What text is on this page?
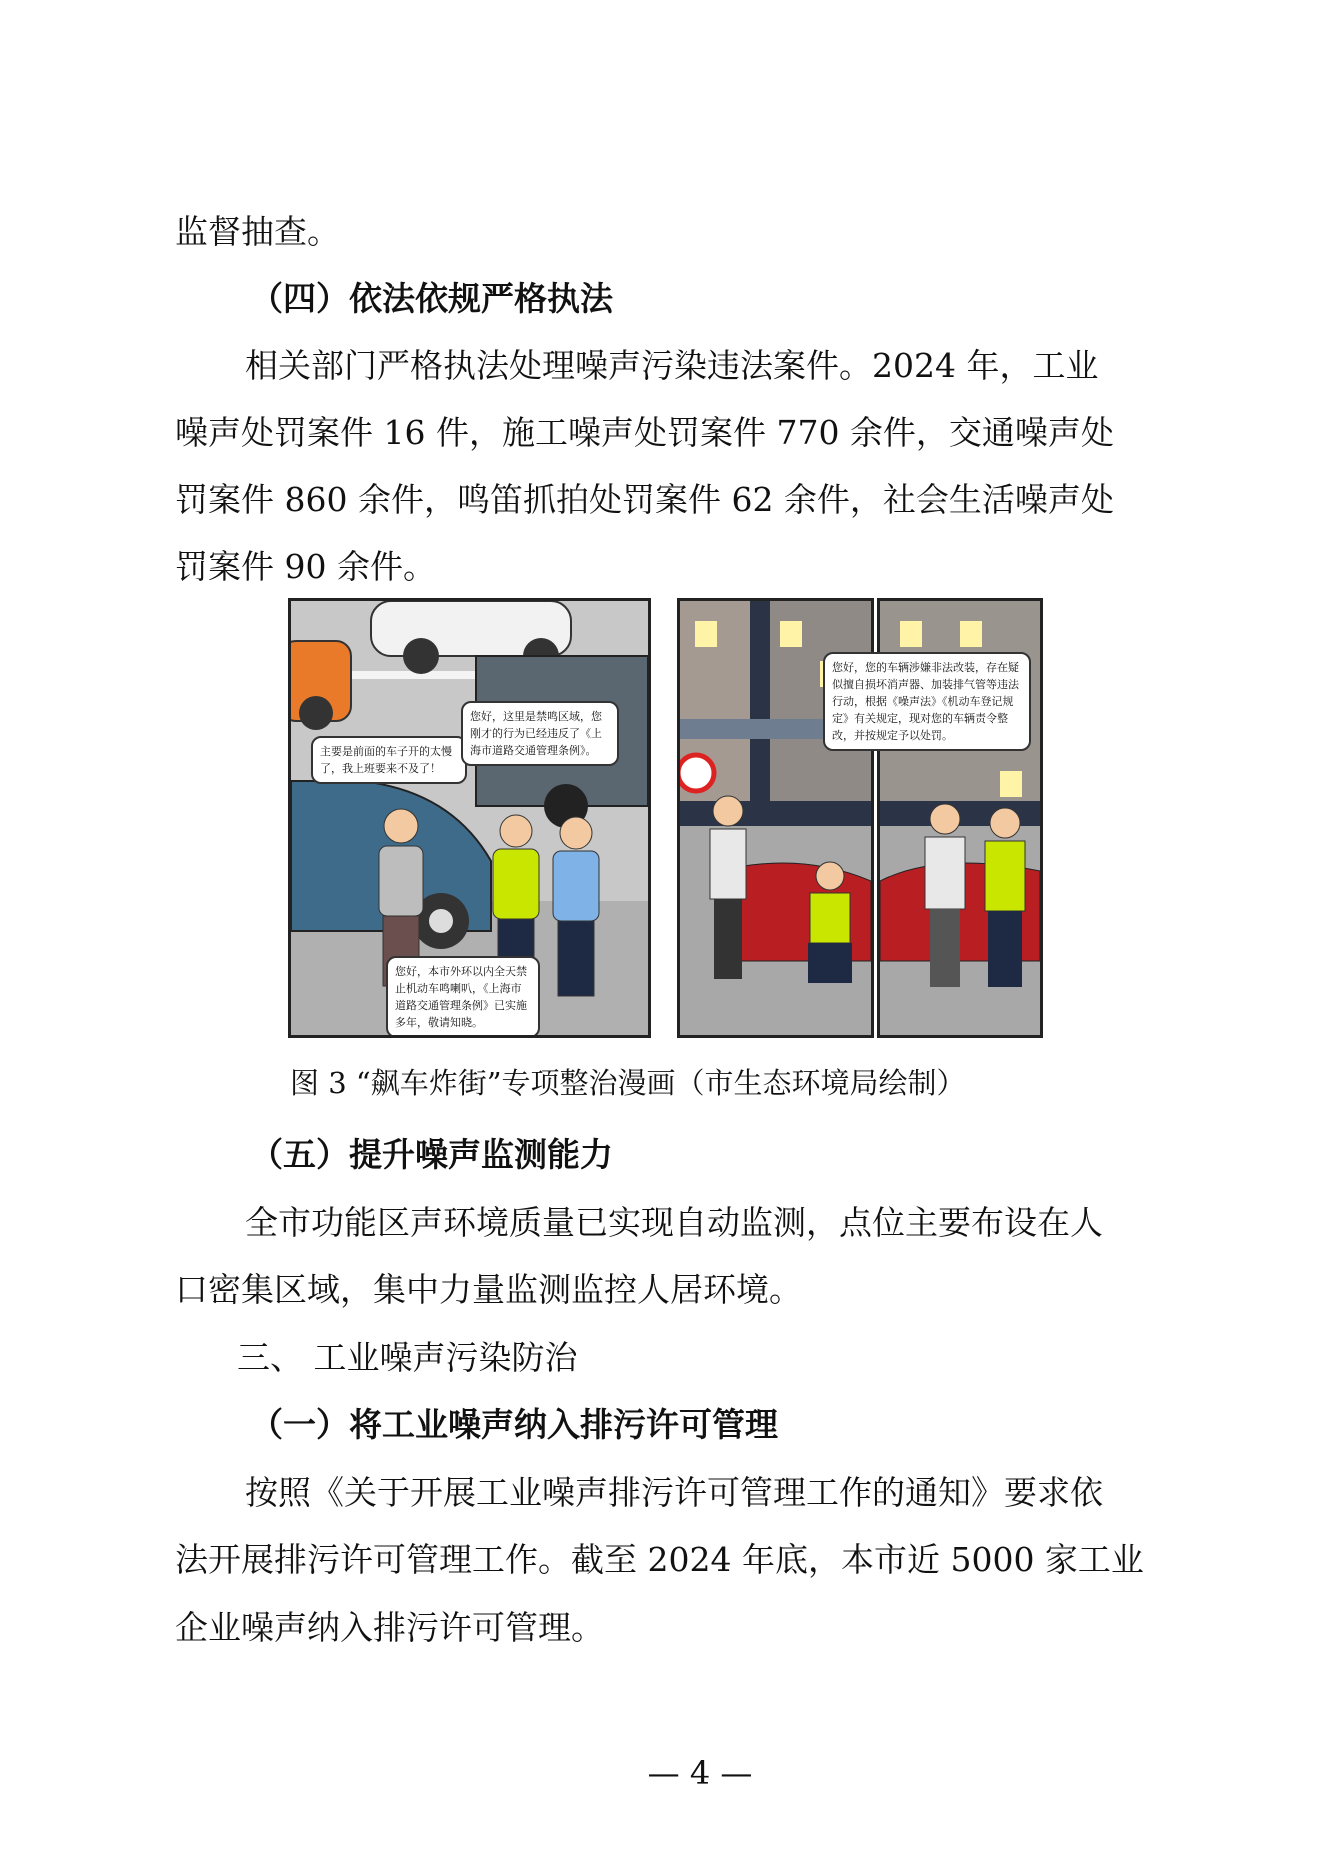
监督抽查。
（四）依法依规严格执法
相关部门严格执法处理噪声污染违法案件。2024 年，工业
噪声处罚案件 16 件，施工噪声处罚案件 770 余件，交通噪声处
罚案件 860 余件，鸣笛抓拍处罚案件 62 余件，社会生活噪声处
罚案件 90 余件。
主要是前面的车子开的太慢了，我上班要来不及了！
您好，这里是禁鸣区域，您刚才的行为已经违反了《上海市道路交通管理条例》。
您好，本市外环以内全天禁止机动车鸣喇叭，《上海市道路交通管理条例》已实施多年，敬请知晓。
您好，您的车辆涉嫌非法改装，存在疑似擅自损坏消声器、加装排气管等违法行动，根据《噪声法》《机动车登记规定》有关规定，现对您的车辆责令整改，并按规定予以处罚。
图 3 “飙车炸街”专项整治漫画（市生态环境局绘制）
（五）提升噪声监测能力
全市功能区声环境质量已实现自动监测，点位主要布设在人
口密集区域，集中力量监测监控人居环境。
三、 工业噪声污染防治
（一）将工业噪声纳入排污许可管理
按照《关于开展工业噪声排污许可管理工作的通知》要求依
法开展排污许可管理工作。截至 2024 年底，本市近 5000 家工业
企业噪声纳入排污许可管理。
— 4 —
